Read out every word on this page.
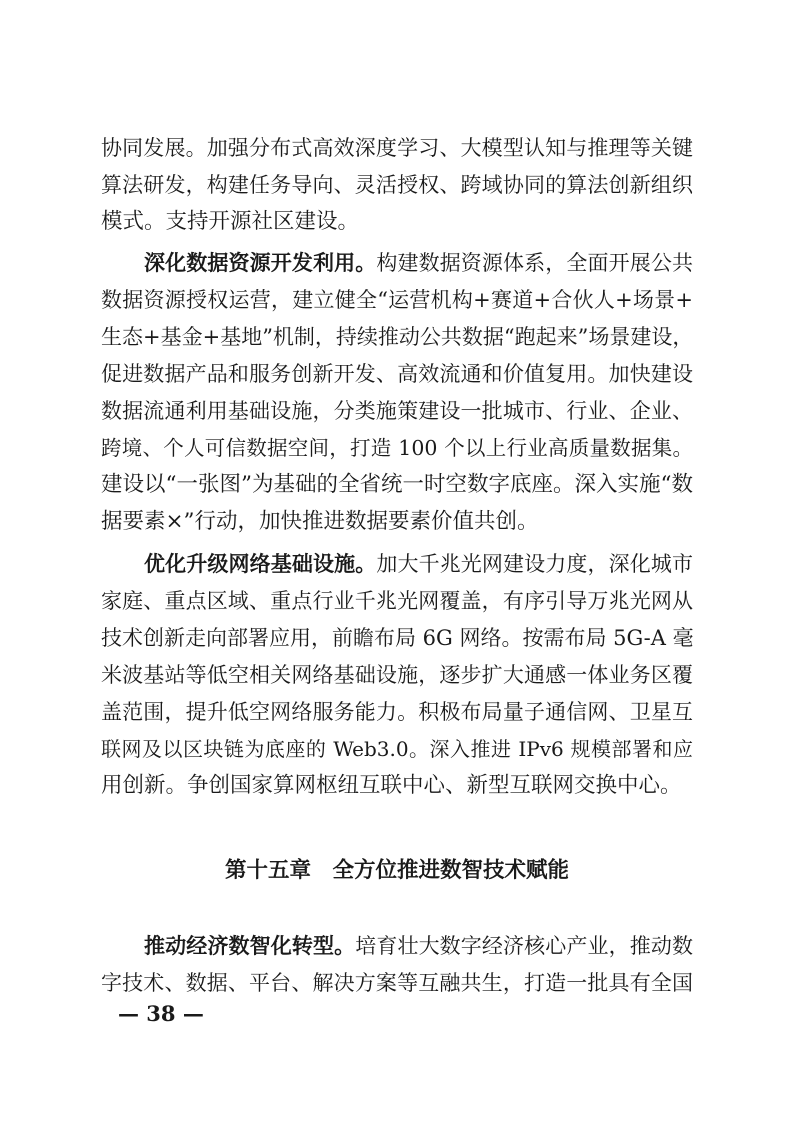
协同发展。加强分布式高效深度学习、大模型认知与推理等关键
算法研发，构建任务导向、灵活授权、跨域协同的算法创新组织
模式。支持开源社区建设。
深化数据资源开发利用。构建数据资源体系，全面开展公共
数据资源授权运营，建立健全“运营机构+赛道+合伙人+场景+
生态+基金+基地”机制，持续推动公共数据“跑起来”场景建设，
促进数据产品和服务创新开发、高效流通和价值复用。加快建设
数据流通利用基础设施，分类施策建设一批城市、行业、企业、
跨境、个人可信数据空间，打造 100 个以上行业高质量数据集。
建设以“一张图”为基础的全省统一时空数字底座。深入实施“数
据要素×”行动，加快推进数据要素价值共创。
优化升级网络基础设施。加大千兆光网建设力度，深化城市
家庭、重点区域、重点行业千兆光网覆盖，有序引导万兆光网从
技术创新走向部署应用，前瞻布局 6G 网络。按需布局 5G-A 毫
米波基站等低空相关网络基础设施，逐步扩大通感一体业务区覆
盖范围，提升低空网络服务能力。积极布局量子通信网、卫星互
联网及以区块链为底座的 Web3.0。深入推进 IPv6 规模部署和应
用创新。争创国家算网枢纽互联中心、新型互联网交换中心。
第十五章　全方位推进数智技术赋能
推动经济数智化转型。培育壮大数字经济核心产业，推动数
字技术、数据、平台、解决方案等互融共生，打造一批具有全国
— 38 —
